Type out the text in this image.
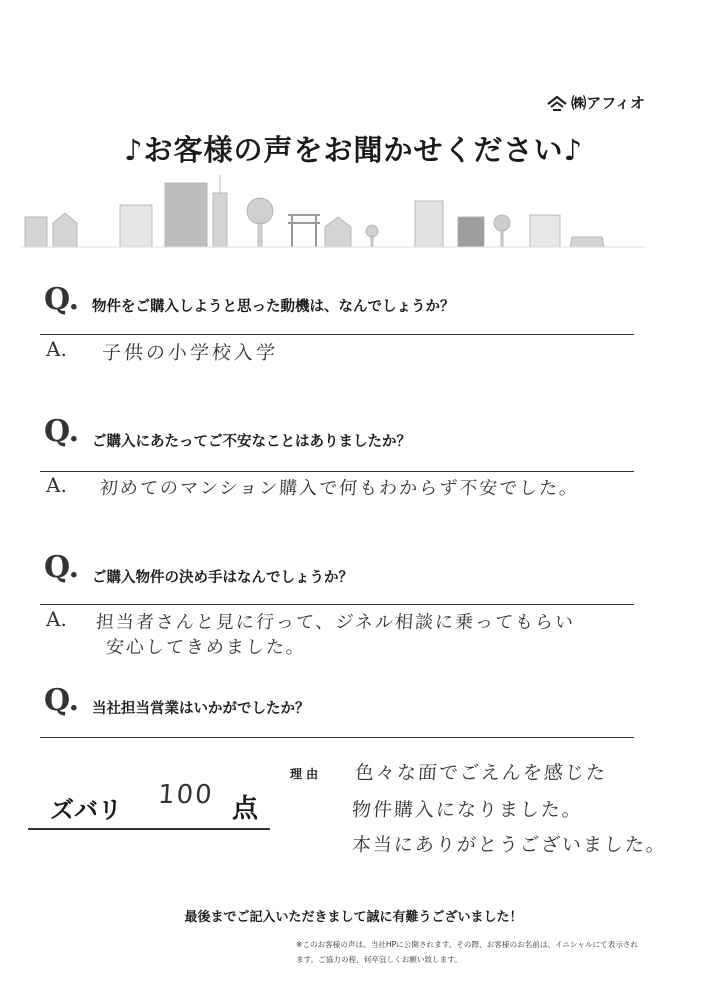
㈱アフィオ
♪お客様の声をお聞かせください♪
Q. 物件をご購入しようと思った動機は、なんでしょうか？
A. 子供の小学校入学
Q. ご購入にあたってご不安なことはありましたか？
A. 初めてのマンション購入で何もわからず不安でした。
Q. ご購入物件の決め手はなんでしょうか？
A. 担当者さんと見に行って、ジネル相談に乗ってもらい
安心してきめました。
Q. 当社担当営業はいかがでしたか？
ズバリ 100 点
理 由 色々な面でごえんを感じた
物件購入になりました。
本当にありがとうございました。
最後までご記入いただきまして誠に有難うございました！
※このお客様の声は、当社HPに公開されます。その際、お客様のお名前は、イニシャルにて表示されます。ご協力の程、何卒宜しくお願い致します。
